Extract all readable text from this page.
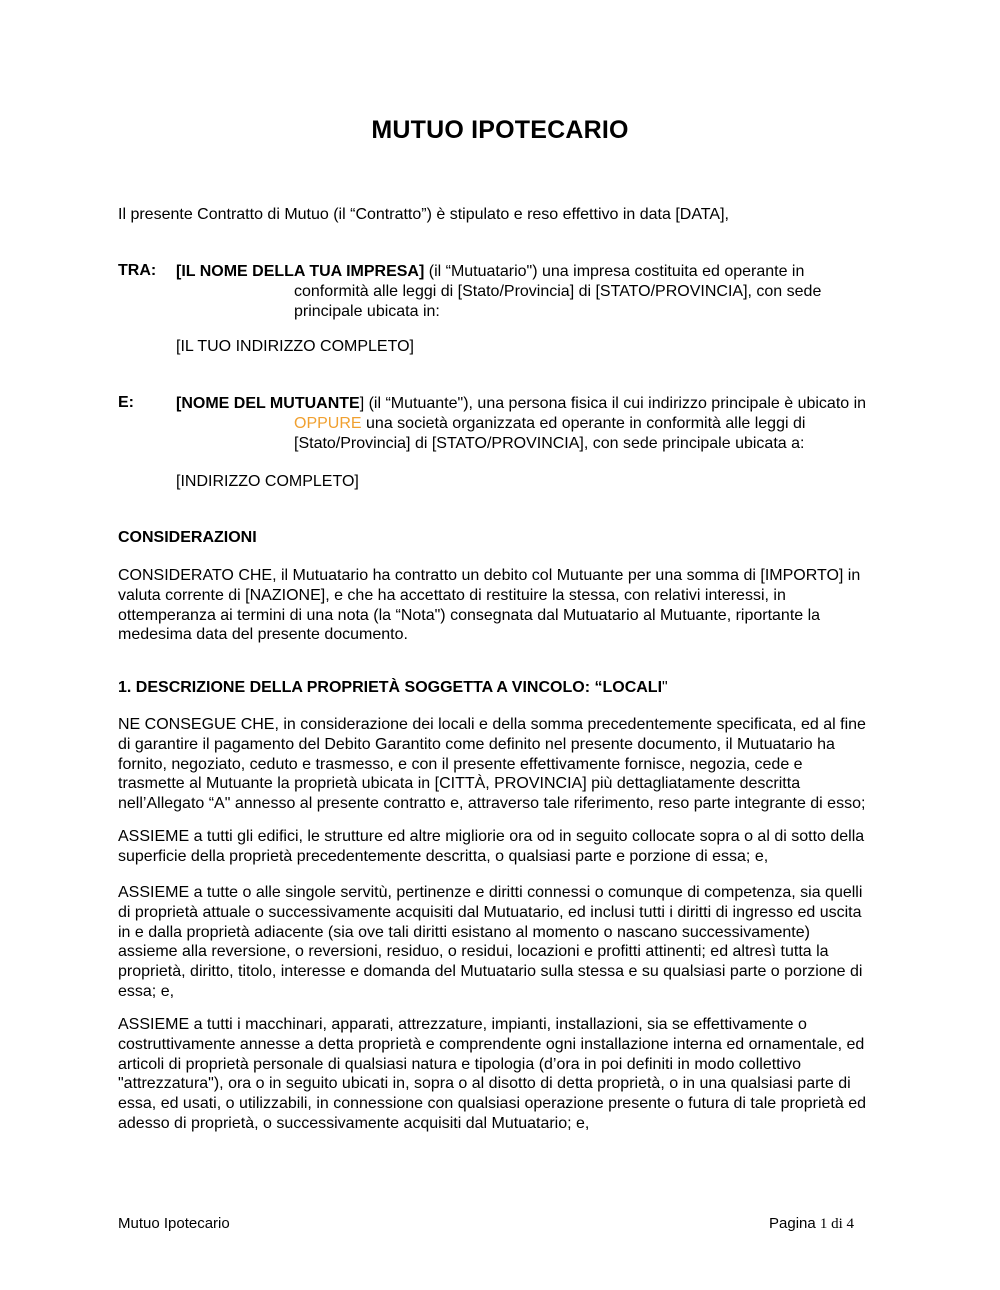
MUTUO IPOTECARIO
Il presente Contratto di Mutuo (il “Contratto”) è stipulato e reso effettivo in data [DATA],
TRA: [IL NOME DELLA TUA IMPRESA] (il “Mutuatario") una impresa costituita ed operante in
conformità alle leggi di [Stato/Provincia] di [STATO/PROVINCIA], con sede
principale ubicata in:
[IL TUO INDIRIZZO COMPLETO]
E:	[NOME DEL MUTUANTE] (il “Mutuante"), una persona fisica il cui indirizzo principale è ubicato in
OPPURE una società organizzata ed operante in conformità alle leggi di
[Stato/Provincia] di [STATO/PROVINCIA], con sede principale ubicata a:
[INDIRIZZO COMPLETO]
CONSIDERAZIONI
CONSIDERATO CHE, il Mutuatario ha contratto un debito col Mutuante per una somma di [IMPORTO] in
valuta corrente di [NAZIONE], e che ha accettato di restituire la stessa, con relativi interessi, in
ottemperanza ai termini di una nota (la “Nota") consegnata dal Mutuatario al Mutuante, riportante la
medesima data del presente documento.
1. DESCRIZIONE DELLA PROPRIETÀ SOGGETTA A VINCOLO: “LOCALI"
NE CONSEGUE CHE, in considerazione dei locali e della somma precedentemente specificata, ed al fine
di garantire il pagamento del Debito Garantito come definito nel presente documento, il Mutuatario ha
fornito, negoziato, ceduto e trasmesso, e con il presente effettivamente fornisce, negozia, cede e
trasmette al Mutuante la proprietà ubicata in [CITTÀ, PROVINCIA] più dettagliatamente descritta
nell’Allegato “A" annesso al presente contratto e, attraverso tale riferimento, reso parte integrante di esso;
ASSIEME a tutti gli edifici, le strutture ed altre migliorie ora od in seguito collocate sopra o al di sotto della
superficie della proprietà precedentemente descritta, o qualsiasi parte e porzione di essa; e,
ASSIEME a tutte o alle singole servitù, pertinenze e diritti connessi o comunque di competenza, sia quelli
di proprietà attuale o successivamente acquisiti dal Mutuatario, ed inclusi tutti i diritti di ingresso ed uscita
in e dalla proprietà adiacente (sia ove tali diritti esistano al momento o nascano successivamente)
assieme alla reversione, o reversioni, residuo, o residui, locazioni e profitti attinenti; ed altresì tutta la
proprietà, diritto, titolo, interesse e domanda del Mutuatario sulla stessa e su qualsiasi parte o porzione di
essa; e,
ASSIEME a tutti i macchinari, apparati, attrezzature, impianti, installazioni, sia se effettivamente o
costruttivamente annesse a detta proprietà e comprendente ogni installazione interna ed ornamentale, ed
articoli di proprietà personale di qualsiasi natura e tipologia (d’ora in poi definiti in modo collettivo
"attrezzatura"), ora o in seguito ubicati in, sopra o al disotto di detta proprietà, o in una qualsiasi parte di
essa, ed usati, o utilizzabili, in connessione con qualsiasi operazione presente o futura di tale proprietà ed
adesso di proprietà, o successivamente acquisiti dal Mutuatario; e,
Mutuo Ipotecario	Pagina 1 di 4
